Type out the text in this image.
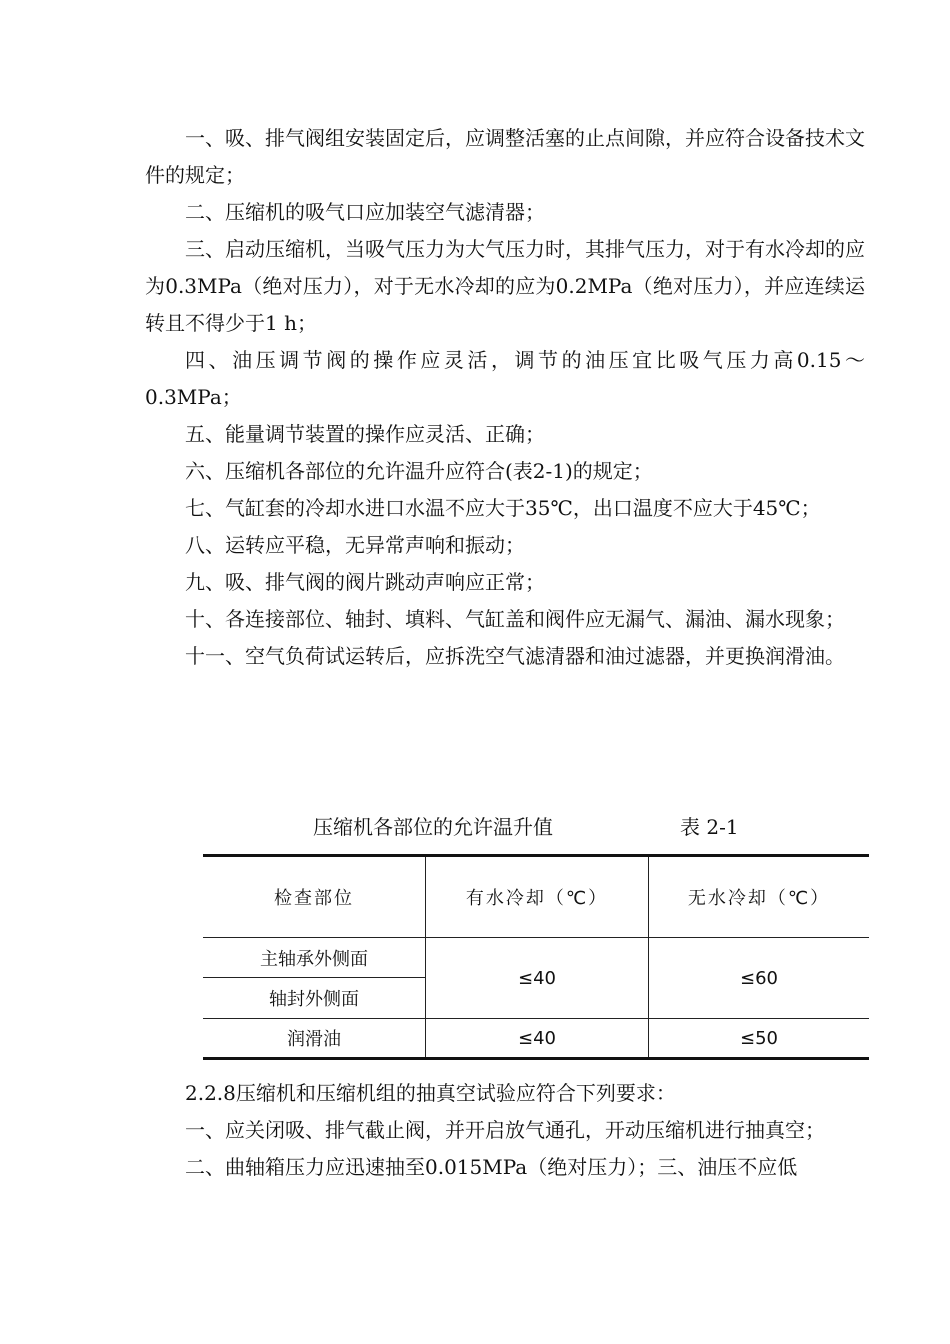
一、吸、排气阀组安装固定后，应调整活塞的止点间隙，并应符合设备技术文件的规定；

二、压缩机的吸气口应加装空气滤清器；

三、启动压缩机，当吸气压力为大气压力时，其排气压力，对于有水冷却的应为0.3MPa（绝对压力），对于无水冷却的应为0.2MPa（绝对压力），并应连续运转且不得少于1 h；

四、油压调节阀的操作应灵活，调节的油压宜比吸气压力高0.15～0.3MPa；

五、能量调节装置的操作应灵活、正确；

六、压缩机各部位的允许温升应符合(表2-1)的规定；

七、气缸套的冷却水进口水温不应大于35℃，出口温度不应大于45℃；

八、运转应平稳，无异常声响和振动；

九、吸、排气阀的阀片跳动声响应正常；

十、各连接部位、轴封、填料、气缸盖和阀件应无漏气、漏油、漏水现象；

十一、空气负荷试运转后，应拆洗空气滤清器和油过滤器，并更换润滑油。

压缩机各部位的允许温升值	表 2-1
检查部位	有水冷却（℃）	无水冷却（℃）
主轴承外侧面	≤40	≤60
轴封外侧面		
润滑油	≤40	≤50

2.2.8压缩机和压缩机组的抽真空试验应符合下列要求：

一、应关闭吸、排气截止阀，并开启放气通孔，开动压缩机进行抽真空；

二、曲轴箱压力应迅速抽至0.015MPa（绝对压力）；三、油压不应低
